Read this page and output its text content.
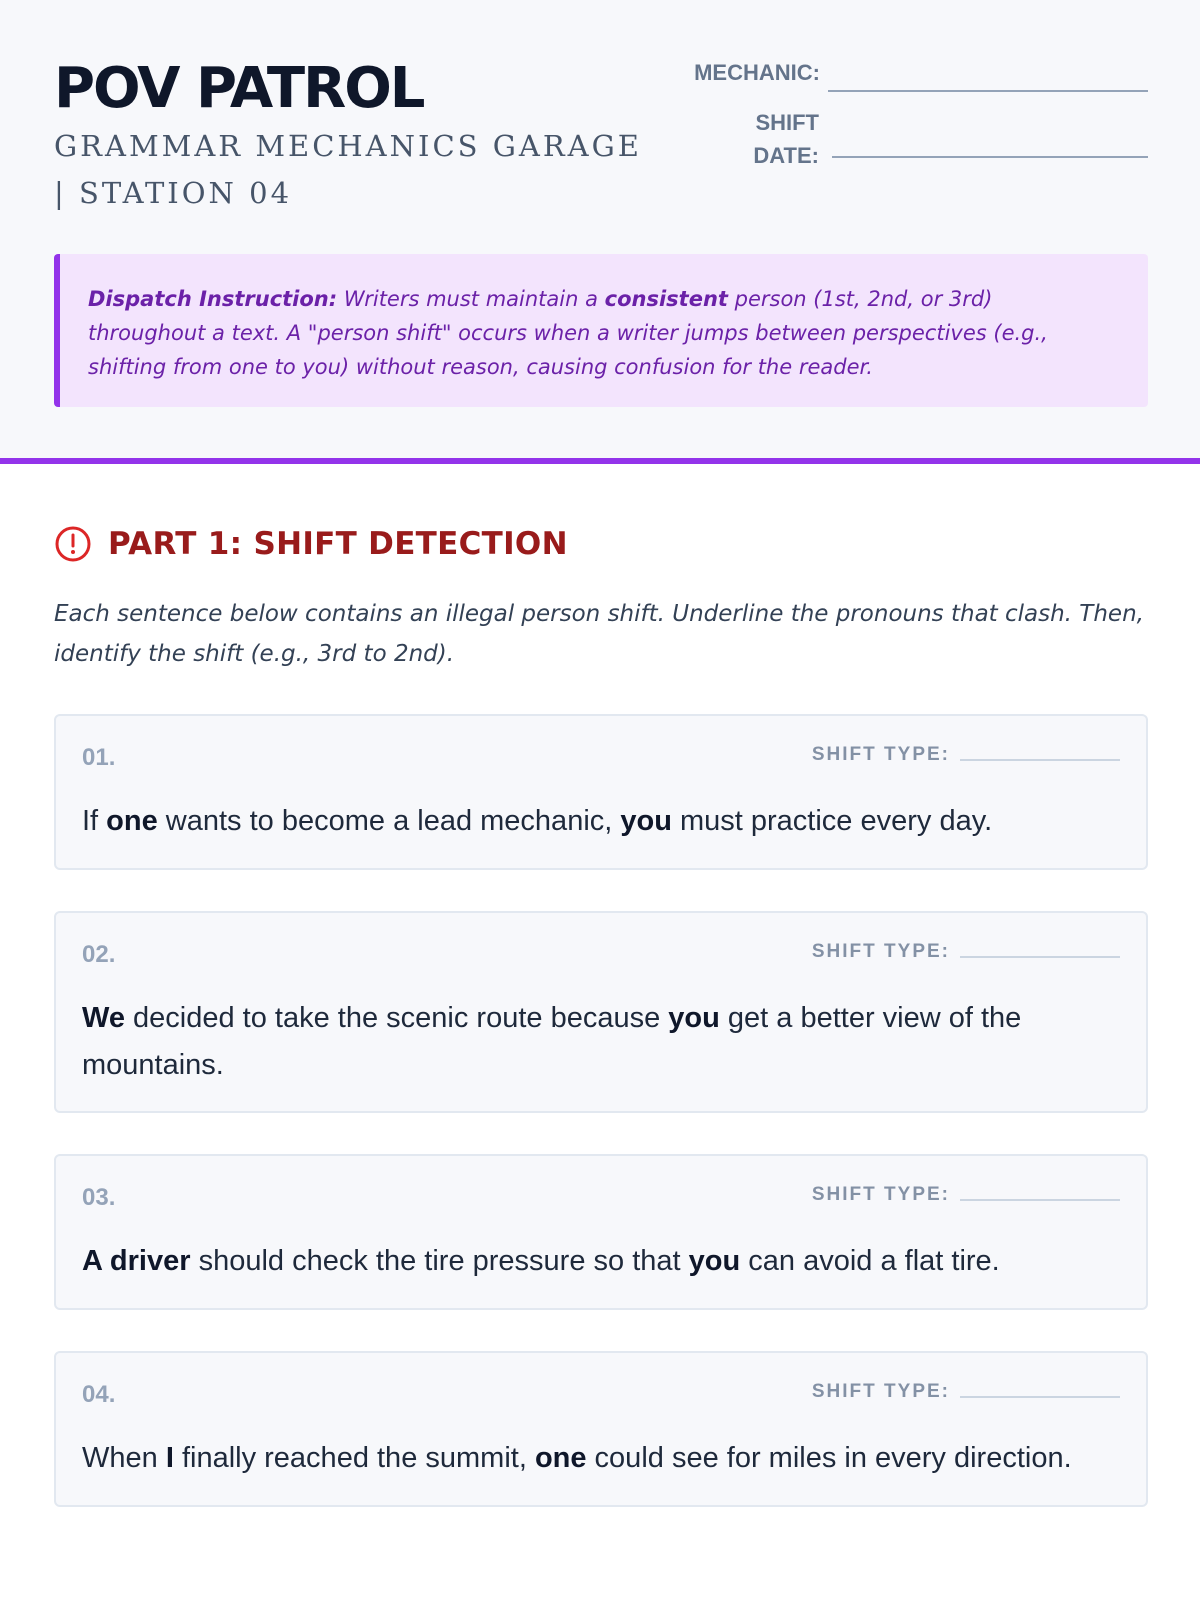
POV PATROL
GRAMMAR MECHANICS GARAGE | STATION 04
MECHANIC:
SHIFT
DATE:

Dispatch Instruction: Writers must maintain a consistent person (1st, 2nd, or 3rd) throughout a text. A "person shift" occurs when a writer jumps between perspectives (e.g., shifting from one to you) without reason, causing confusion for the reader.

PART 1: SHIFT DETECTION
Each sentence below contains an illegal person shift. Underline the pronouns that clash. Then, identify the shift (e.g., 3rd to 2nd).
01.	SHIFT TYPE:
If one wants to become a lead mechanic, you must practice every day.
02.	SHIFT TYPE:
We decided to take the scenic route because you get a better view of the mountains.
03.	SHIFT TYPE:
A driver should check the tire pressure so that you can avoid a flat tire.
04.	SHIFT TYPE:
When I finally reached the summit, one could see for miles in every direction.
